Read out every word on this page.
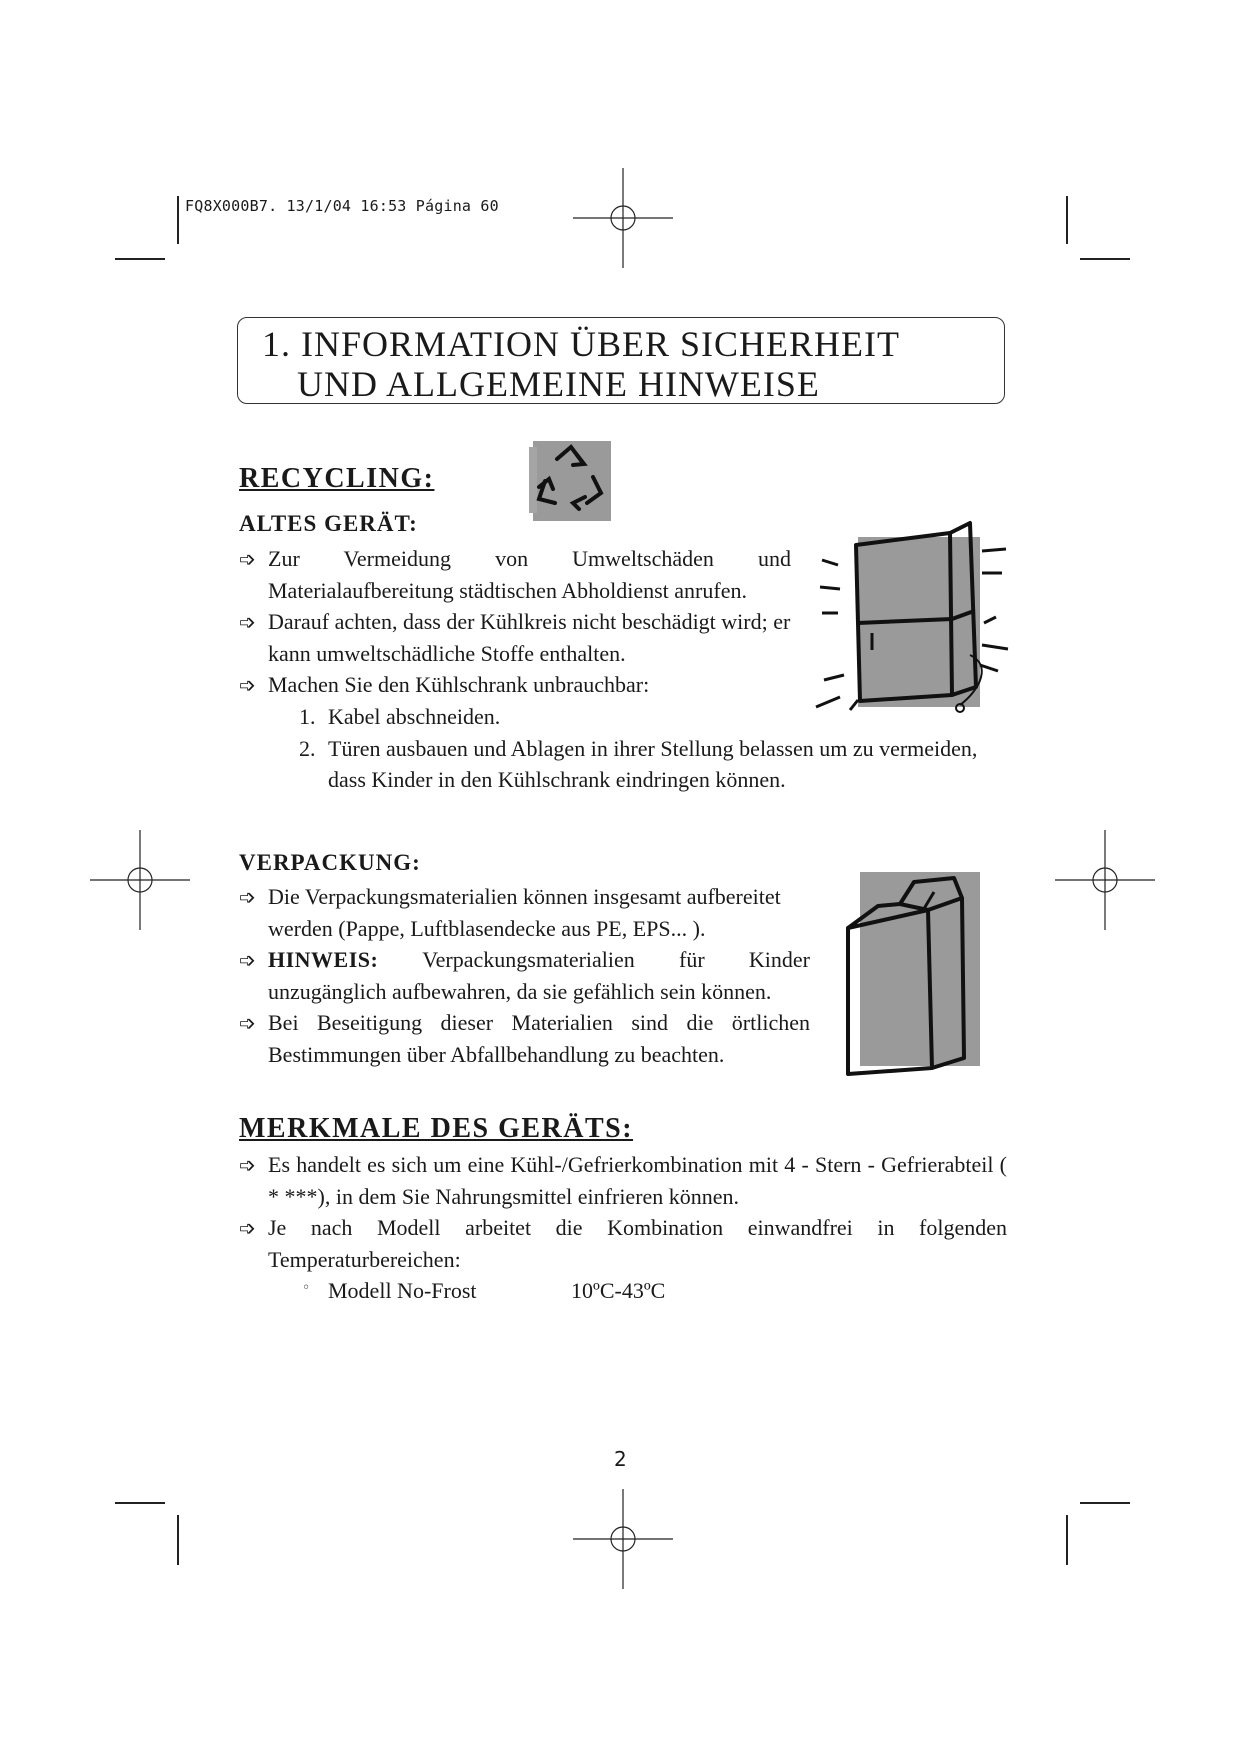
FQ8X000B7. 13/1/04 16:53 Página 60
1. INFORMATION ÜBER SICHERHEIT
UND ALLGEMEINE HINWEISE
RECYCLING:
ALTES GERÄT:
➩ Zur Vermeidung von Umweltschäden und Materialaufbereitung städtischen Abholdienst anrufen.
➩ Darauf achten, dass der Kühlkreis nicht beschädigt wird; er kann umweltschädliche Stoffe enthalten.
➩ Machen Sie den Kühlschrank unbrauchbar:
1. Kabel abschneiden.
2. Türen ausbauen und Ablagen in ihrer Stellung belassen um zu vermeiden, dass Kinder in den Kühlschrank eindringen können.
VERPACKUNG:
➩ Die Verpackungsmaterialien können insgesamt aufbereitet werden (Pappe, Luftblasendecke aus PE, EPS... ).
➩ HINWEIS: Verpackungsmaterialien für Kinder unzugänglich aufbewahren, da sie gefählich sein können.
➩ Bei Beseitigung dieser Materialien sind die örtlichen Bestimmungen über Abfallbehandlung zu beachten.
MERKMALE DES GERÄTS:
➩ Es handelt es sich um eine Kühl-/Gefrierkombination mit 4 - Stern - Gefrierabteil ( * ***), in dem Sie Nahrungsmittel einfrieren können.
➩ Je nach Modell arbeitet die Kombination einwandfrei in folgenden Temperaturbereichen:
◦ Modell No-Frost	10ºC-43ºC
2
